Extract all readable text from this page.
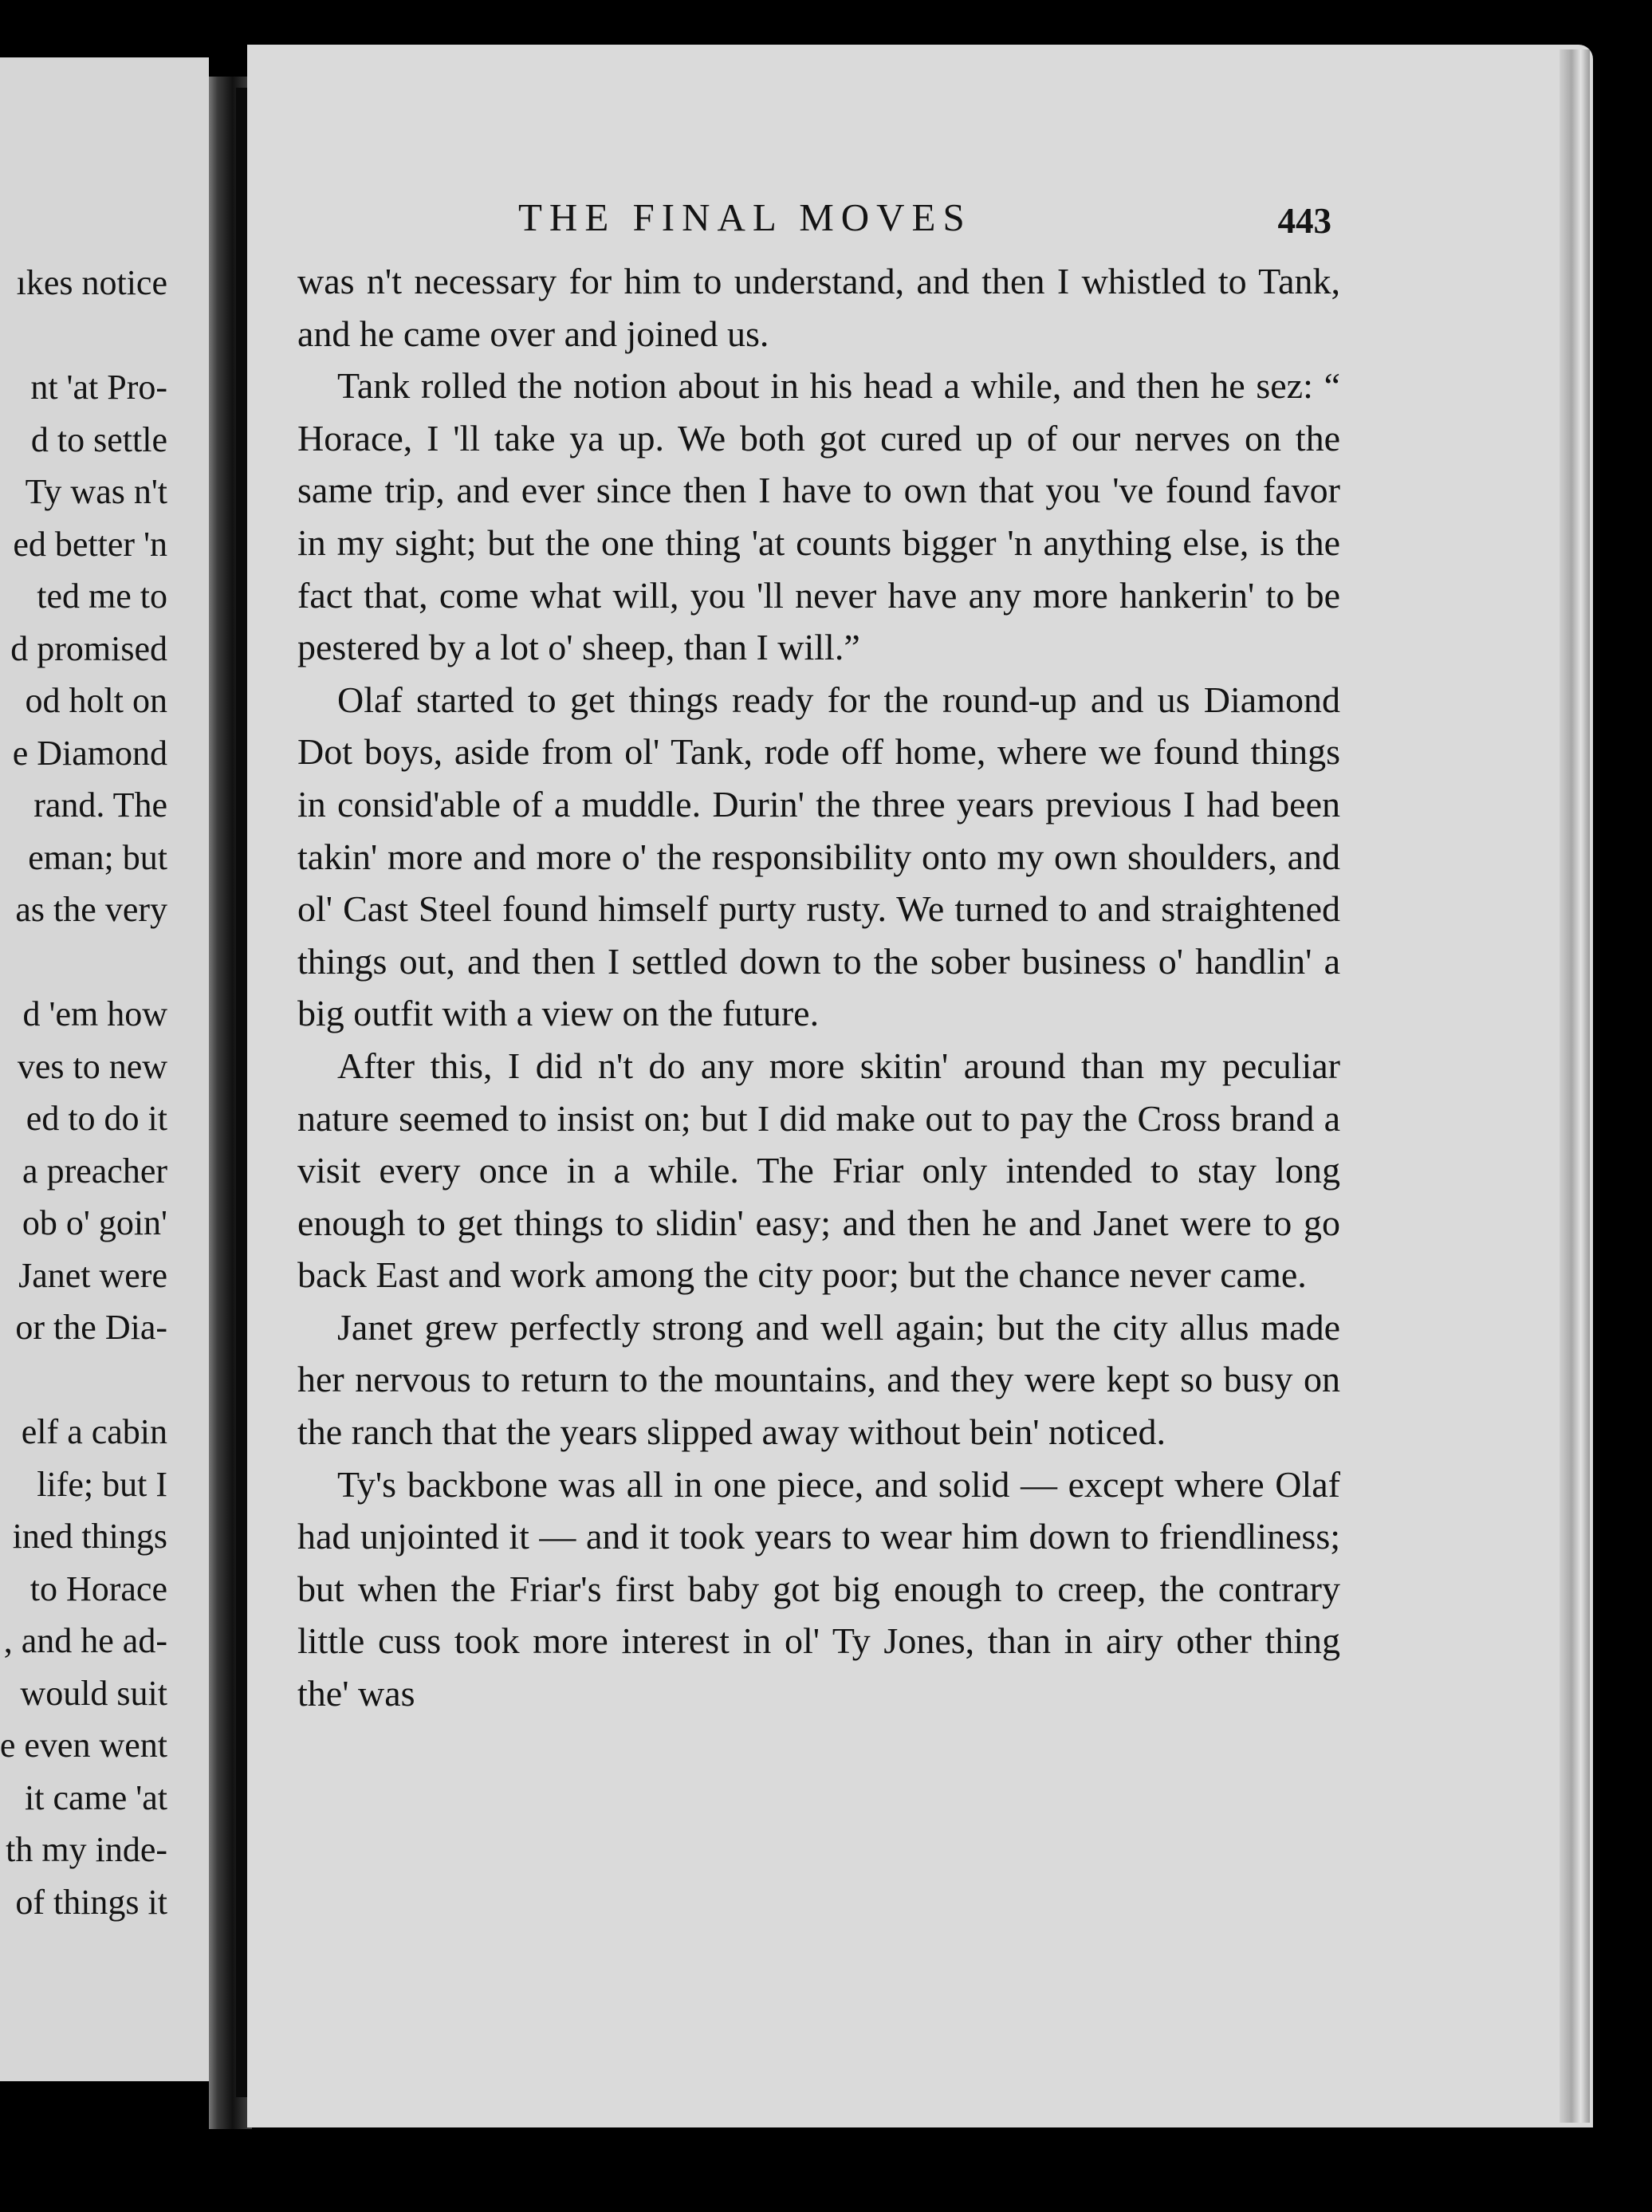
ıkes notice

nt 'at Pro-
d to settle
Ty was n't
ed better 'n
ted me to
d promised
od holt on
e Diamond
rand. The
eman; but
as the very

d 'em how
ves to new
ed to do it
a preacher
ob o' goin'
Janet were
or the Dia-

elf a cabin
life; but I
ined things
to Horace
, and he ad-
would suit
e even went
it came 'at
th my inde-
of things it
THE FINAL MOVES	443

was n't necessary for him to understand, and then I whistled to Tank, and he came over and joined us.

Tank rolled the notion about in his head a while, and then he sez: “ Horace, I 'll take ya up. We both got cured up of our nerves on the same trip, and ever since then I have to own that you 've found favor in my sight; but the one thing 'at counts bigger 'n anything else, is the fact that, come what will, you 'll never have any more hankerin' to be pestered by a lot o' sheep, than I will.”

Olaf started to get things ready for the round-up and us Diamond Dot boys, aside from ol' Tank, rode off home, where we found things in consid'able of a muddle. Durin' the three years previous I had been takin' more and more o' the responsibility onto my own shoulders, and ol' Cast Steel found himself purty rusty. We turned to and straightened things out, and then I settled down to the sober business o' handlin' a big outfit with a view on the future.

After this, I did n't do any more skitin' around than my peculiar nature seemed to insist on; but I did make out to pay the Cross brand a visit every once in a while. The Friar only intended to stay long enough to get things to slidin' easy; and then he and Janet were to go back East and work among the city poor; but the chance never came.

Janet grew perfectly strong and well again; but the city allus made her nervous to return to the mountains, and they were kept so busy on the ranch that the years slipped away without bein' noticed.

Ty's backbone was all in one piece, and solid — except where Olaf had unjointed it — and it took years to wear him down to friendliness; but when the Friar's first baby got big enough to creep, the contrary little cuss took more interest in ol' Ty Jones, than in airy other thing the' was
